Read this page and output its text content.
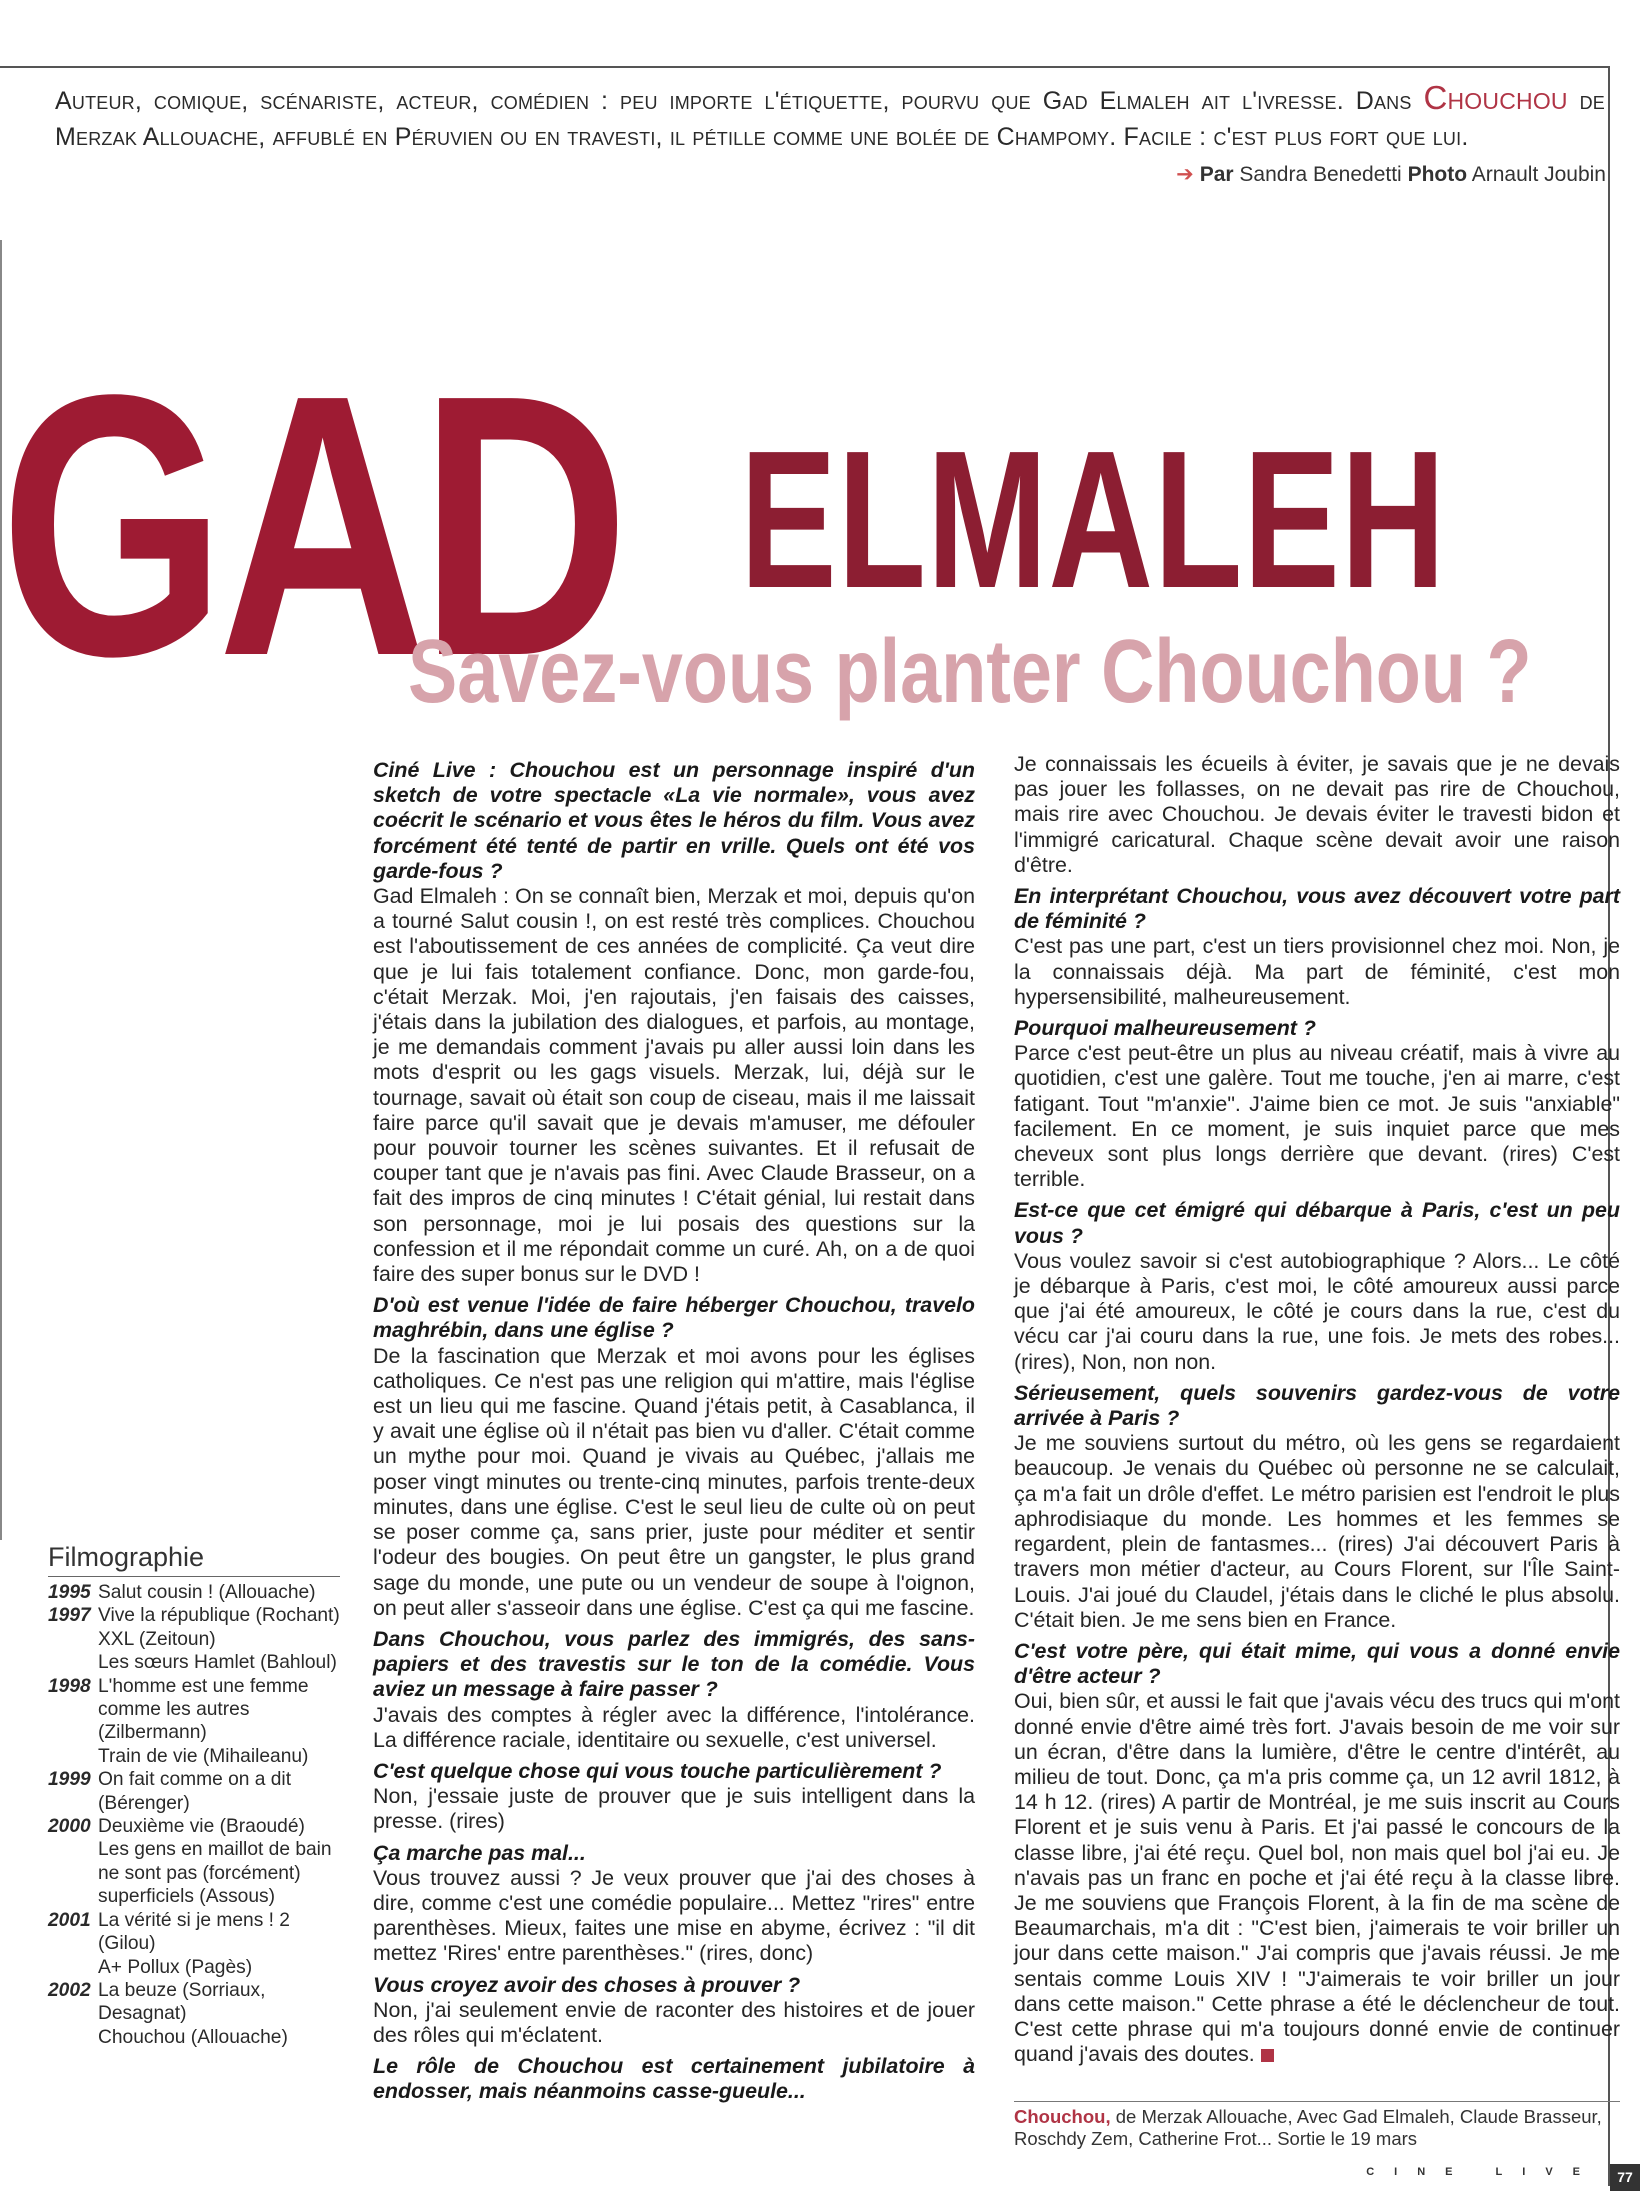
Auteur, comique, scénariste, acteur, comédien : peu importe l'étiquette, pourvu que Gad Elmaleh ait l'ivresse. Dans Chouchou de Merzak Allouache, affublé en Péruvien ou en travesti, il pétille comme une bolée de Champomy. Facile : c'est plus fort que lui.
➔ Par Sandra Benedetti Photo Arnault Joubin
GAD ELMALEH
Savez-vous planter Chouchou ?

Ciné Live : Chouchou est un personnage inspiré d'un sketch de votre spectacle «La vie normale», vous avez coécrit le scénario et vous êtes le héros du film. Vous avez forcément été tenté de partir en vrille. Quels ont été vos garde-fous ?

Gad Elmaleh : On se connaît bien, Merzak et moi, depuis qu'on a tourné Salut cousin !, on est resté très complices. Chouchou est l'aboutissement de ces années de complicité. Ça veut dire que je lui fais totalement confiance. Donc, mon garde-fou, c'était Merzak. Moi, j'en rajoutais, j'en faisais des caisses, j'étais dans la jubilation des dialogues, et parfois, au montage, je me demandais comment j'avais pu aller aussi loin dans les mots d'esprit ou les gags visuels. Merzak, lui, déjà sur le tournage, savait où était son coup de ciseau, mais il me laissait faire parce qu'il savait que je devais m'amuser, me défouler pour pouvoir tourner les scènes suivantes. Et il refusait de couper tant que je n'avais pas fini. Avec Claude Brasseur, on a fait des impros de cinq minutes ! C'était génial, lui restait dans son personnage, moi je lui posais des questions sur la confession et il me répondait comme un curé. Ah, on a de quoi faire des super bonus sur le DVD !

D'où est venue l'idée de faire héberger Chouchou, travelo maghrébin, dans une église ?

De la fascination que Merzak et moi avons pour les églises catholiques. Ce n'est pas une religion qui m'attire, mais l'église est un lieu qui me fascine. Quand j'étais petit, à Casablanca, il y avait une église où il n'était pas bien vu d'aller. C'était comme un mythe pour moi. Quand je vivais au Québec, j'allais me poser vingt minutes ou trente-cinq minutes, parfois trente-deux minutes, dans une église. C'est le seul lieu de culte où on peut se poser comme ça, sans prier, juste pour méditer et sentir l'odeur des bougies. On peut être un gangster, le plus grand sage du monde, une pute ou un vendeur de soupe à l'oignon, on peut aller s'asseoir dans une église. C'est ça qui me fascine.

Dans Chouchou, vous parlez des immigrés, des sans-papiers et des travestis sur le ton de la comédie. Vous aviez un message à faire passer ?

J'avais des comptes à régler avec la différence, l'intolérance. La différence raciale, identitaire ou sexuelle, c'est universel.

C'est quelque chose qui vous touche particulièrement ?

Non, j'essaie juste de prouver que je suis intelligent dans la presse. (rires)

Ça marche pas mal...

Vous trouvez aussi ? Je veux prouver que j'ai des choses à dire, comme c'est une comédie populaire... Mettez "rires" entre parenthèses. Mieux, faites une mise en abyme, écrivez : "il dit mettez 'Rires' entre parenthèses." (rires, donc)

Vous croyez avoir des choses à prouver ?

Non, j'ai seulement envie de raconter des histoires et de jouer des rôles qui m'éclatent.

Le rôle de Chouchou est certainement jubilatoire à endosser, mais néanmoins casse-gueule...

Je connaissais les écueils à éviter, je savais que je ne devais pas jouer les follasses, on ne devait pas rire de Chouchou, mais rire avec Chouchou. Je devais éviter le travesti bidon et l'immigré caricatural. Chaque scène devait avoir une raison d'être.

En interprétant Chouchou, vous avez découvert votre part de féminité ?

C'est pas une part, c'est un tiers provisionnel chez moi. Non, je la connaissais déjà. Ma part de féminité, c'est mon hypersensibilité, malheureusement.

Pourquoi malheureusement ?

Parce c'est peut-être un plus au niveau créatif, mais à vivre au quotidien, c'est une galère. Tout me touche, j'en ai marre, c'est fatigant. Tout "m'anxie". J'aime bien ce mot. Je suis "anxiable" facilement. En ce moment, je suis inquiet parce que mes cheveux sont plus longs derrière que devant. (rires) C'est terrible.

Est-ce que cet émigré qui débarque à Paris, c'est un peu vous ?

Vous voulez savoir si c'est autobiographique ? Alors... Le côté je débarque à Paris, c'est moi, le côté amoureux aussi parce que j'ai été amoureux, le côté je cours dans la rue, c'est du vécu car j'ai couru dans la rue, une fois. Je mets des robes... (rires), Non, non non.

Sérieusement, quels souvenirs gardez-vous de votre arrivée à Paris ?

Je me souviens surtout du métro, où les gens se regardaient beaucoup. Je venais du Québec où personne ne se calculait, ça m'a fait un drôle d'effet. Le métro parisien est l'endroit le plus aphrodisiaque du monde. Les hommes et les femmes se regardent, plein de fantasmes... (rires) J'ai découvert Paris à travers mon métier d'acteur, au Cours Florent, sur l'Île Saint-Louis. J'ai joué du Claudel, j'étais dans le cliché le plus absolu. C'était bien. Je me sens bien en France.

C'est votre père, qui était mime, qui vous a donné envie d'être acteur ?

Oui, bien sûr, et aussi le fait que j'avais vécu des trucs qui m'ont donné envie d'être aimé très fort. J'avais besoin de me voir sur un écran, d'être dans la lumière, d'être le centre d'intérêt, au milieu de tout. Donc, ça m'a pris comme ça, un 12 avril 1812, à 14 h 12. (rires) A partir de Montréal, je me suis inscrit au Cours Florent et je suis venu à Paris. Et j'ai passé le concours de la classe libre, j'ai été reçu. Quel bol, non mais quel bol j'ai eu. Je n'avais pas un franc en poche et j'ai été reçu à la classe libre. Je me souviens que François Florent, à la fin de ma scène de Beaumarchais, m'a dit : "C'est bien, j'aimerais te voir briller un jour dans cette maison." J'ai compris que j'avais réussi. Je me sentais comme Louis XIV ! "J'aimerais te voir briller un jour dans cette maison." Cette phrase a été le déclencheur de tout. C'est cette phrase qui m'a toujours donné envie de continuer quand j'avais des doutes.

Filmographie
1995 Salut cousin ! (Allouache)
1997 Vive la république (Rochant)
XXL (Zeitoun)
Les sœurs Hamlet (Bahloul)
1998 L'homme est une femme comme les autres (Zilbermann)
Train de vie (Mihaileanu)
1999 On fait comme on a dit (Bérenger)
2000 Deuxième vie (Braoudé)
Les gens en maillot de bain ne sont pas (forcément) superficiels (Assous)
2001 La vérité si je mens ! 2 (Gilou)
A+ Pollux (Pagès)
2002 La beuze (Sorriaux, Desagnat)
Chouchou (Allouache)
Chouchou, de Merzak Allouache, Avec Gad Elmaleh, Claude Brasseur, Roschdy Zem, Catherine Frot... Sortie le 19 mars
CINE LIVE	77
